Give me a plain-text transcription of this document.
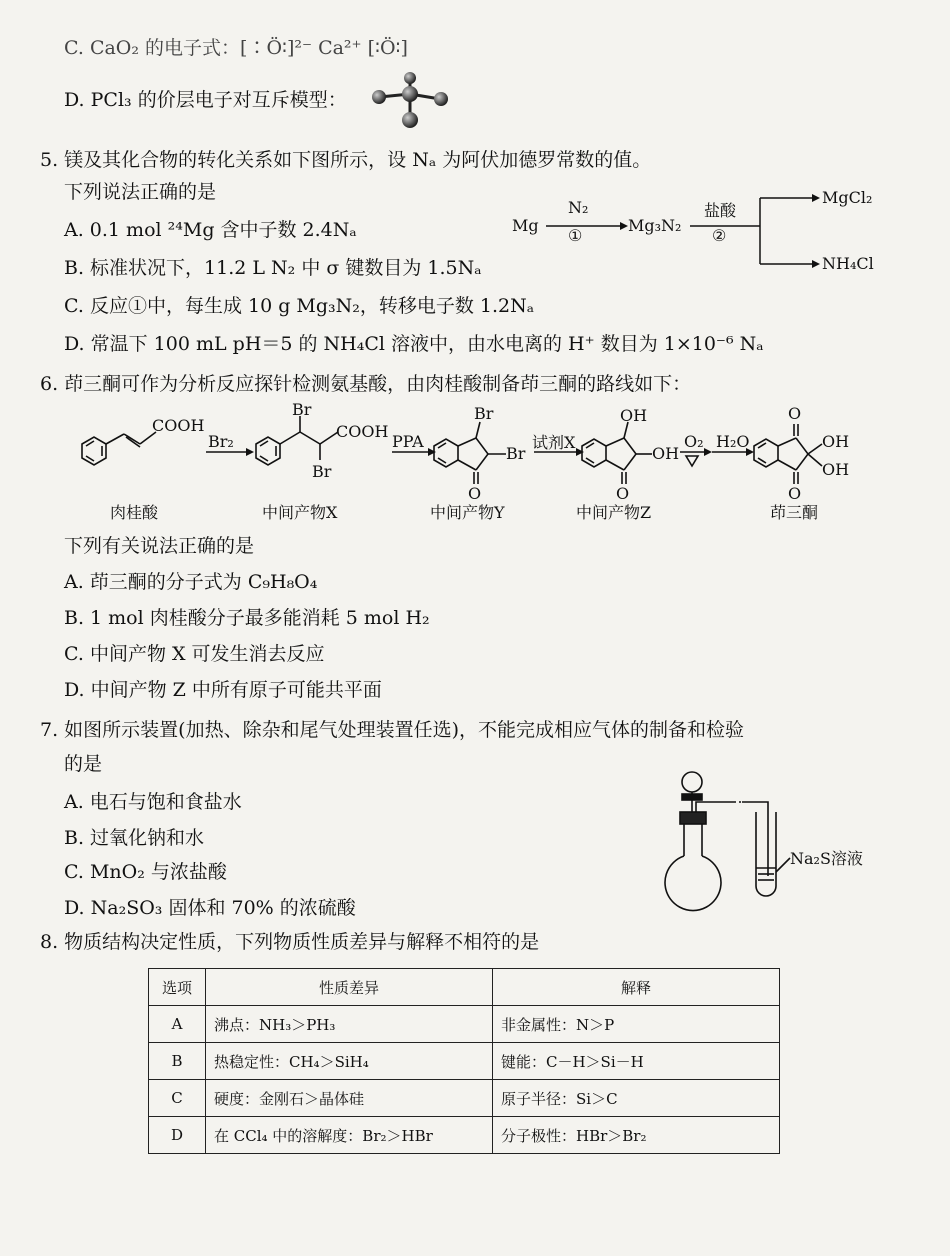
C. CaO₂ 的电子式：[∶Ö∶]²⁻ Ca²⁺ [∶Ö∶]
D. PCl₃ 的价层电子对互斥模型：
5. 镁及其化合物的转化关系如下图所示，设 Nₐ 为阿伏加德罗常数的值。
下列说法正确的是
A. 0.1 mol ²⁴Mg 含中子数 2.4Nₐ
B. 标准状况下，11.2 L N₂ 中 σ 键数目为 1.5Nₐ
C. 反应①中，每生成 10 g Mg₃N₂，转移电子数 1.2Nₐ
D. 常温下 100 mL pH＝5 的 NH₄Cl 溶液中，由水电离的 H⁺ 数目为 1×10⁻⁶ Nₐ
Mg
N₂
①
Mg₃N₂
盐酸
②
MgCl₂
NH₄Cl
6. 茚三酮可作为分析反应探针检测氨基酸，由肉桂酸制备茚三酮的路线如下：
COOH
Br₂
Br
COOH
Br
PPA
Br
Br
O
试剂X
OH
OH
O
O₂ H₂O
O
OH
OH
O
肉桂酸	中间产物X	中间产物Y	中间产物Z	茚三酮
下列有关说法正确的是
A. 茚三酮的分子式为 C₉H₈O₄
B. 1 mol 肉桂酸分子最多能消耗 5 mol H₂
C. 中间产物 X 可发生消去反应
D. 中间产物 Z 中所有原子可能共平面
7. 如图所示装置(加热、除杂和尾气处理装置任选)，不能完成相应气体的制备和检验
的是
A. 电石与饱和食盐水
B. 过氧化钠和水
C. MnO₂ 与浓盐酸
D. Na₂SO₃ 固体和 70% 的浓硫酸
Na₂S溶液
8. 物质结构决定性质，下列物质性质差异与解释不相符的是
选项	性质差异	解释
A	沸点：NH₃＞PH₃	非金属性：N＞P
B	热稳定性：CH₄＞SiH₄	键能：C－H＞Si－H
C	硬度：金刚石＞晶体硅	原子半径：Si＞C
D	在 CCl₄ 中的溶解度：Br₂＞HBr	分子极性：HBr＞Br₂
